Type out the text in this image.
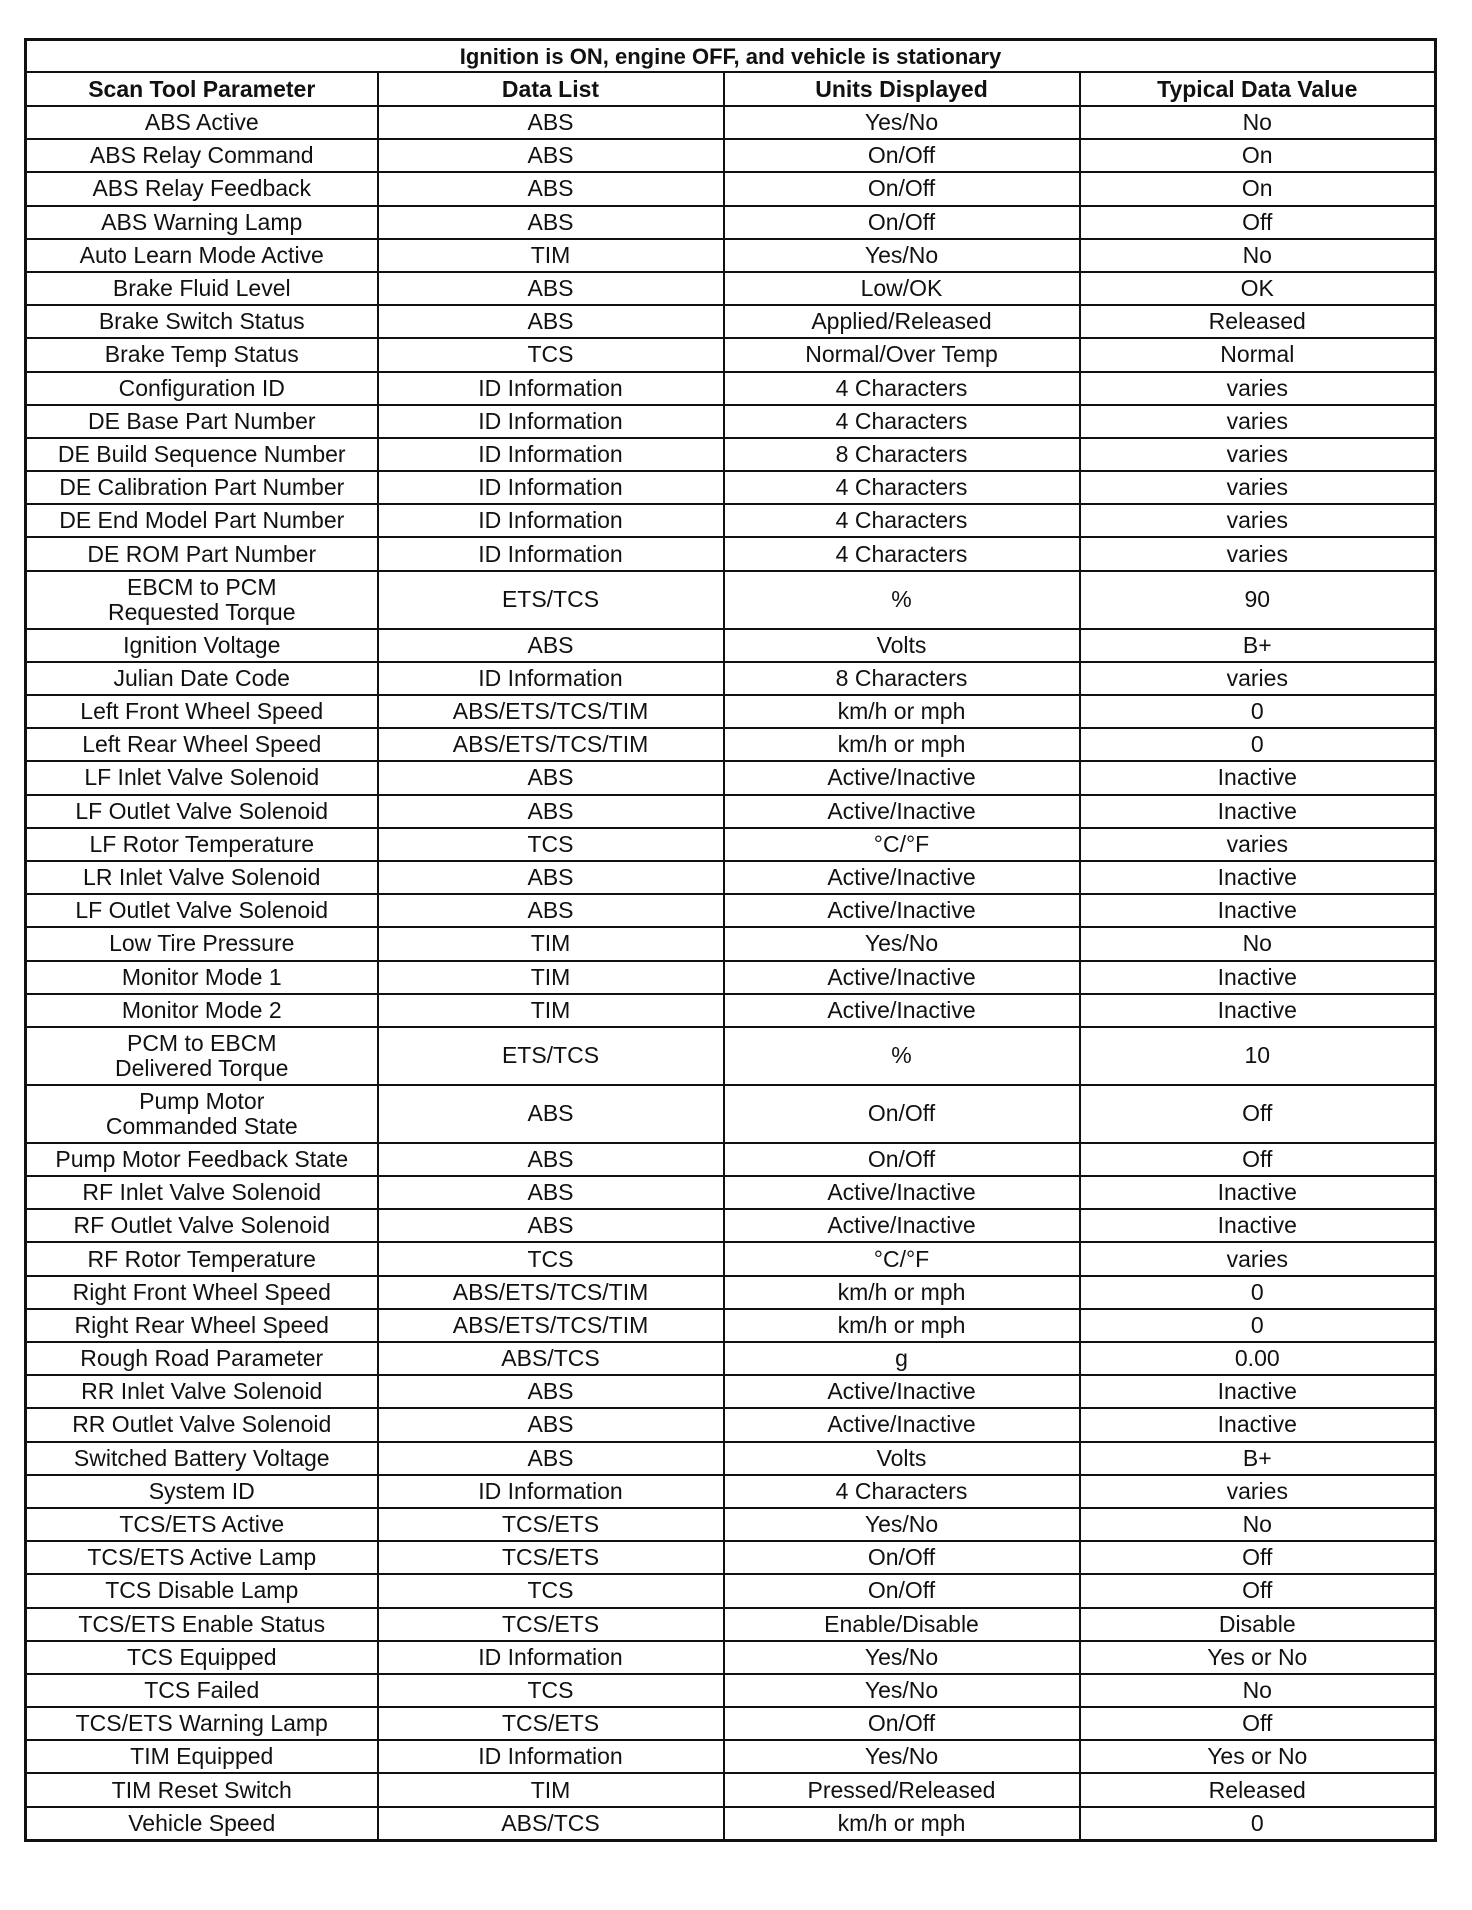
Ignition is ON, engine OFF, and vehicle is stationary			
Scan Tool Parameter	Data List	Units Displayed	Typical Data Value
ABS Active	ABS	Yes/No	No
ABS Relay Command	ABS	On/Off	On
ABS Relay Feedback	ABS	On/Off	On
ABS Warning Lamp	ABS	On/Off	Off
Auto Learn Mode Active	TIM	Yes/No	No
Brake Fluid Level	ABS	Low/OK	OK
Brake Switch Status	ABS	Applied/Released	Released
Brake Temp Status	TCS	Normal/Over Temp	Normal
Configuration ID	ID Information	4 Characters	varies
DE Base Part Number	ID Information	4 Characters	varies
DE Build Sequence Number	ID Information	8 Characters	varies
DE Calibration Part Number	ID Information	4 Characters	varies
DE End Model Part Number	ID Information	4 Characters	varies
DE ROM Part Number	ID Information	4 Characters	varies
EBCM to PCM
Requested Torque	ETS/TCS	%	90
Ignition Voltage	ABS	Volts	B+
Julian Date Code	ID Information	8 Characters	varies
Left Front Wheel Speed	ABS/ETS/TCS/TIM	km/h or mph	0
Left Rear Wheel Speed	ABS/ETS/TCS/TIM	km/h or mph	0
LF Inlet Valve Solenoid	ABS	Active/Inactive	Inactive
LF Outlet Valve Solenoid	ABS	Active/Inactive	Inactive
LF Rotor Temperature	TCS	°C/°F	varies
LR Inlet Valve Solenoid	ABS	Active/Inactive	Inactive
LF Outlet Valve Solenoid	ABS	Active/Inactive	Inactive
Low Tire Pressure	TIM	Yes/No	No
Monitor Mode 1	TIM	Active/Inactive	Inactive
Monitor Mode 2	TIM	Active/Inactive	Inactive
PCM to EBCM
Delivered Torque	ETS/TCS	%	10
Pump Motor
Commanded State	ABS	On/Off	Off
Pump Motor Feedback State	ABS	On/Off	Off
RF Inlet Valve Solenoid	ABS	Active/Inactive	Inactive
RF Outlet Valve Solenoid	ABS	Active/Inactive	Inactive
RF Rotor Temperature	TCS	°C/°F	varies
Right Front Wheel Speed	ABS/ETS/TCS/TIM	km/h or mph	0
Right Rear Wheel Speed	ABS/ETS/TCS/TIM	km/h or mph	0
Rough Road Parameter	ABS/TCS	g	0.00
RR Inlet Valve Solenoid	ABS	Active/Inactive	Inactive
RR Outlet Valve Solenoid	ABS	Active/Inactive	Inactive
Switched Battery Voltage	ABS	Volts	B+
System ID	ID Information	4 Characters	varies
TCS/ETS Active	TCS/ETS	Yes/No	No
TCS/ETS Active Lamp	TCS/ETS	On/Off	Off
TCS Disable Lamp	TCS	On/Off	Off
TCS/ETS Enable Status	TCS/ETS	Enable/Disable	Disable
TCS Equipped	ID Information	Yes/No	Yes or No
TCS Failed	TCS	Yes/No	No
TCS/ETS Warning Lamp	TCS/ETS	On/Off	Off
TIM Equipped	ID Information	Yes/No	Yes or No
TIM Reset Switch	TIM	Pressed/Released	Released
Vehicle Speed	ABS/TCS	km/h or mph	0
